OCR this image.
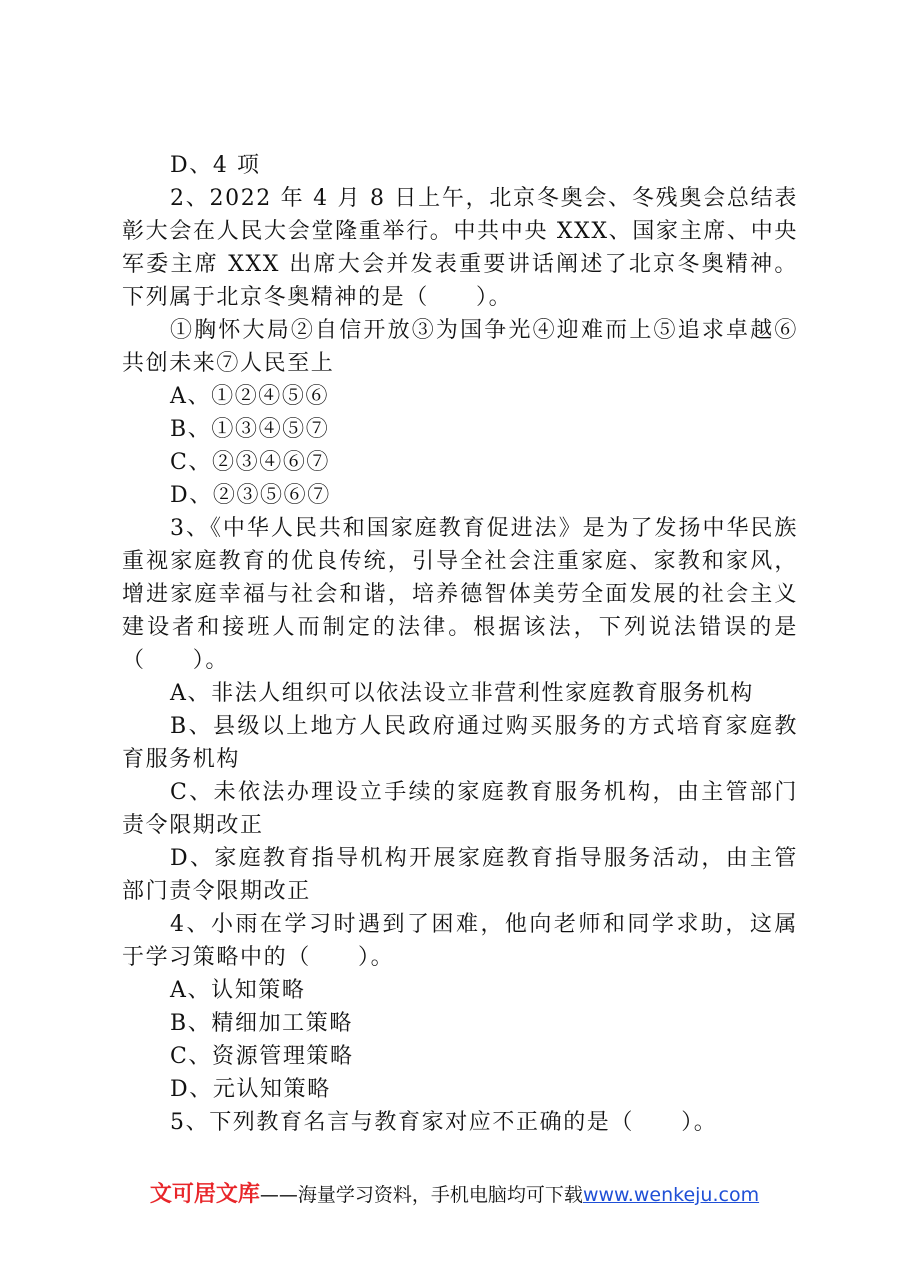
D、4 项

2、2022 年 4 月 8 日上午，北京冬奥会、冬残奥会总结表彰大会在人民大会堂隆重举行。中共中央 XXX、国家主席、中央军委主席 XXX 出席大会并发表重要讲话阐述了北京冬奥精神。下列属于北京冬奥精神的是（　　）。

①胸怀大局②自信开放③为国争光④迎难而上⑤追求卓越⑥共创未来⑦人民至上

A、①②④⑤⑥

B、①③④⑤⑦

C、②③④⑥⑦

D、②③⑤⑥⑦

3、《中华人民共和国家庭教育促进法》是为了发扬中华民族重视家庭教育的优良传统，引导全社会注重家庭、家教和家风，增进家庭幸福与社会和谐，培养德智体美劳全面发展的社会主义建设者和接班人而制定的法律。根据该法，下列说法错误的是（　　）。

A、非法人组织可以依法设立非营利性家庭教育服务机构

B、县级以上地方人民政府通过购买服务的方式培育家庭教育服务机构

C、未依法办理设立手续的家庭教育服务机构，由主管部门责令限期改正

D、家庭教育指导机构开展家庭教育指导服务活动，由主管部门责令限期改正

4、小雨在学习时遇到了困难，他向老师和同学求助，这属于学习策略中的（　　）。

A、认知策略

B、精细加工策略

C、资源管理策略

D、元认知策略

5、下列教育名言与教育家对应不正确的是（　　）。

文可居文库——海量学习资料，手机电脑均可下载www.wenkeju.com
